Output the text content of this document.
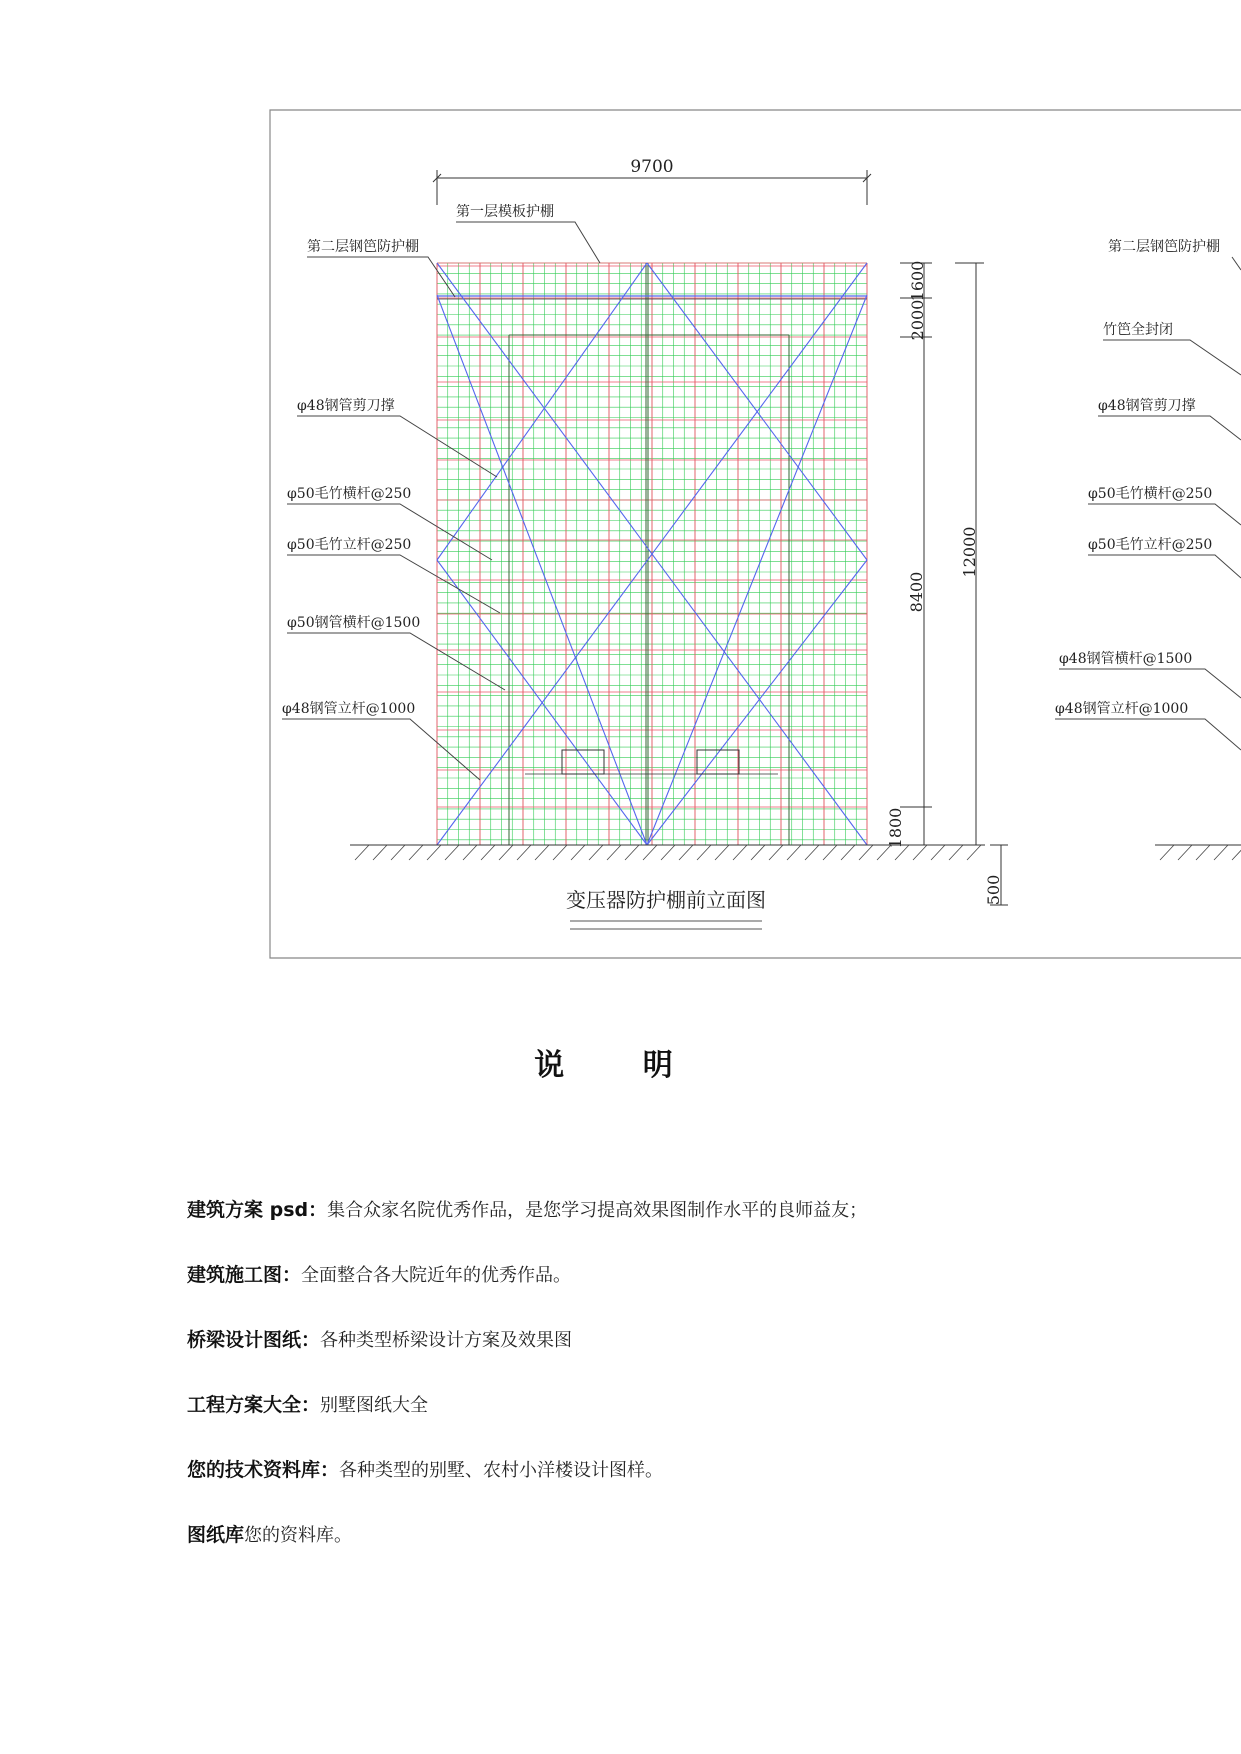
9700
1600
2000
8400
12000
1800
500
变压器防护棚前立面图
第一层模板护棚
第二层钢笆防护棚
φ48钢管剪刀撑
φ50毛竹横杆@250
φ50毛竹立杆@250
φ50钢管横杆@1500
φ48钢管立杆@1000
第二层钢笆防护棚
竹笆全封闭
φ48钢管剪刀撑
φ50毛竹横杆@250
φ50毛竹立杆@250
φ48钢管横杆@1500
φ48钢管立杆@1000
说 明
建筑方案 psd：集合众家名院优秀作品，是您学习提高效果图制作水平的良师益友；
建筑施工图：全面整合各大院近年的优秀作品。
桥梁设计图纸：各种类型桥梁设计方案及效果图
工程方案大全：别墅图纸大全
您的技术资料库：各种类型的别墅、农村小洋楼设计图样。
图纸库您的资料库。
